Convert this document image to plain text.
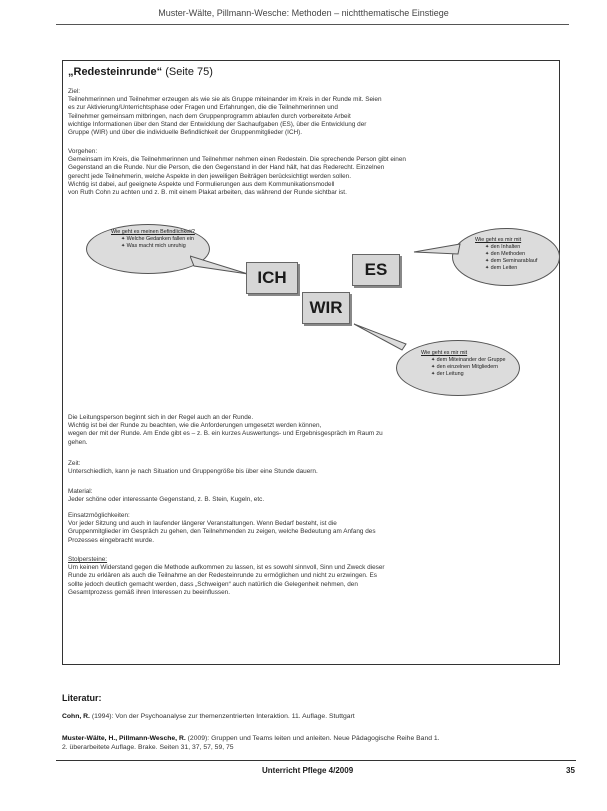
Muster-Wälte, Pillmann-Wesche: Methoden – nichtthematische Einstiege
„Redesteinrunde“ (Seite 75)
Ziel:
Teilnehmerinnen und Teilnehmer erzeugen als wie sie als Gruppe miteinander im Kreis in der Runde mit. Seien
es zur Aktivierung/Unterrichtsphase oder Fragen und Erfahrungen, die die Teilnehmerinnen und
Teilnehmer gemeinsam mitbringen, nach dem Gruppenprogramm ablaufen durch vorbereitete Arbeit
wichtige Informationen über den Stand der Entwicklung der Sachaufgaben (ES), über die Entwicklung der
Gruppe (WIR) und über die individuelle Befindlichkeit der Gruppenmitglieder (ICH).
Vorgehen:
Gemeinsam im Kreis, die Teilnehmerinnen und Teilnehmer nehmen einen Redestein. Die sprechende Person gibt einen
Gegenstand an die Runde. Nur die Person, die den Gegenstand in der Hand hält, hat das Rederecht. Einzelnen
gerecht jede Teilnehmerin, welche Aspekte in den jeweiligen Beiträgen berücksichtigt werden sollen.
Wichtig ist dabei, auf geeignete Aspekte und Formulierungen aus dem Kommunikationsmodell
von Ruth Cohn zu achten und z. B. mit einem Plakat arbeiten, das während der Runde sichtbar ist.
Wie geht es meinen Befindlichkeit?
✦ Welche Gedanken fallen ein
✦ Was macht mich unruhig
Wie geht es mir mit
✦ den Inhalten
✦ den Methoden
✦ dem Seminarablauf
✦ dem Leiten
Wie geht es mir mit
✦ dem Miteinander der Gruppe
✦ den einzelnen Mitgliedern
✦ der Leitung
ICH	ES
WIR
Die Leitungsperson beginnt sich in der Regel auch an der Runde.
Wichtig ist bei der Runde zu beachten, wie die Anforderungen umgesetzt werden können,
wegen der mit der Runde. Am Ende gibt es – z. B. ein kurzes Auswertungs- und Ergebnisgespräch im Raum zu
gehen.
Zeit:
Unterschiedlich, kann je nach Situation und Gruppengröße bis über eine Stunde dauern.
Material:
Jeder schöne oder interessante Gegenstand, z. B. Stein, Kugeln, etc.
Einsatzmöglichkeiten:
Vor jeder Sitzung und auch in laufender längerer Veranstaltungen. Wenn Bedarf besteht, ist die
Gruppenmitglieder im Gespräch zu gehen, den Teilnehmenden zu zeigen, welche Bedeutung am Anfang des
Prozesses eingebracht wurde.
Stolpersteine:
Um keinen Widerstand gegen die Methode aufkommen zu lassen, ist es sowohl sinnvoll, Sinn und Zweck dieser
Runde zu erklären als auch die Teilnahme an der Redesteinrunde zu ermöglichen und nicht zu erzwingen. Es
sollte jedoch deutlich gemacht werden, dass „Schweigen“ auch natürlich die Gelegenheit nehmen, den
Gesamtprozess gemäß ihren Interessen zu beeinflussen.
Literatur:
Cohn, R. (1994): Von der Psychoanalyse zur themenzentrierten Interaktion. 11. Auflage. Stuttgart

Muster-Wälte, H., Pillmann-Wesche, R. (2009): Gruppen und Teams leiten und anleiten. Neue Pädagogische Reihe Band 1.
2. überarbeitete Auflage. Brake. Seiten 31, 37, 57, 59, 75

Unterricht Pflege 4/2009	35
